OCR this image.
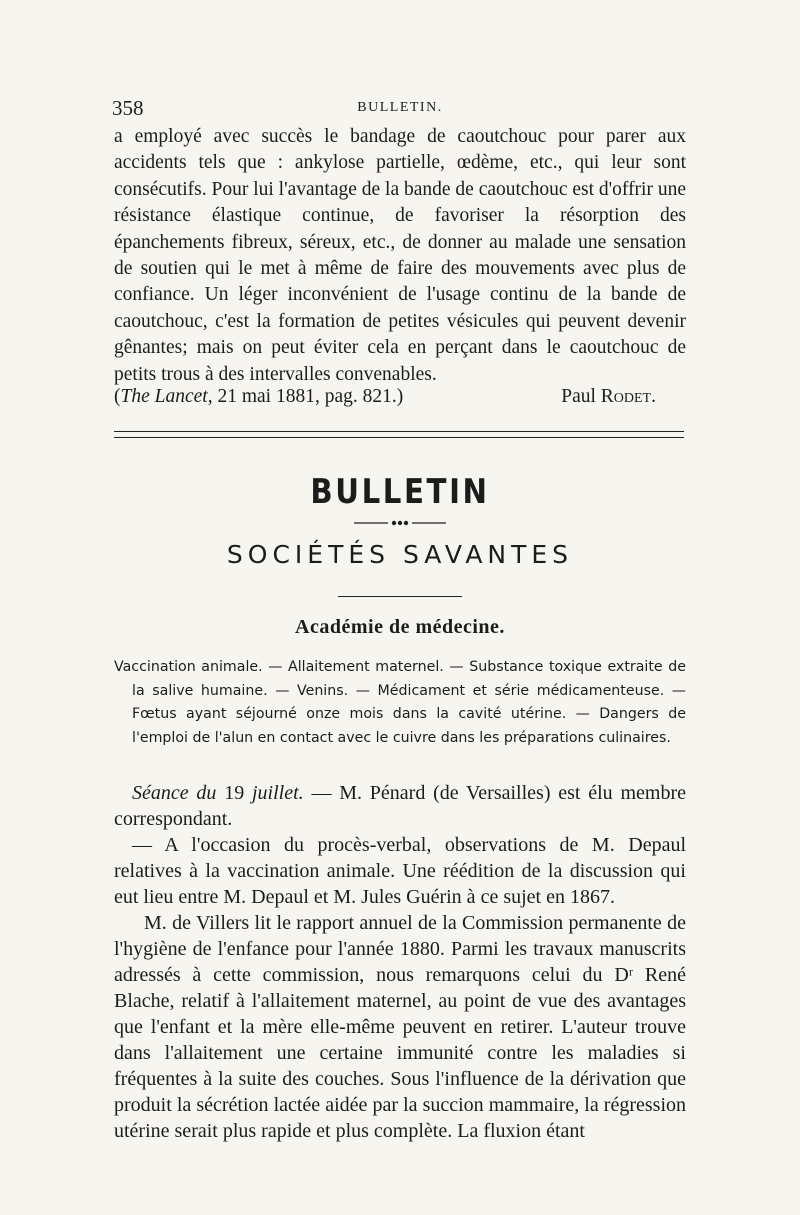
358	BULLETIN.

a employé avec succès le bandage de caoutchouc pour parer aux accidents tels que : ankylose partielle, œdème, etc., qui leur sont consécutifs. Pour lui l'avantage de la bande de caoutchouc est d'offrir une résistance élastique continue, de favoriser la résorption des épanchements fibreux, séreux, etc., de donner au malade une sensation de soutien qui le met à même de faire des mouvements avec plus de confiance. Un léger inconvénient de l'usage continu de la bande de caoutchouc, c'est la formation de petites vésicules qui peuvent devenir gênantes; mais on peut éviter cela en perçant dans le caoutchouc de petits trous à des intervalles convenables.

(The Lancet, 21 mai 1881, pag. 821.)	Paul Rodet.
BULLETIN
SOCIÉTÉS SAVANTES
Académie de médecine.
Vaccination animale. — Allaitement maternel. — Substance toxique extraite de la salive humaine. — Venins. — Médicament et série médicamenteuse. — Fœtus ayant séjourné onze mois dans la cavité utérine. — Dangers de l'emploi de l'alun en contact avec le cuivre dans les préparations culinaires.

Séance du 19 juillet. — M. Pénard (de Versailles) est élu membre correspondant.

— A l'occasion du procès-verbal, observations de M. Depaul relatives à la vaccination animale. Une réédition de la discussion qui eut lieu entre M. Depaul et M. Jules Guérin à ce sujet en 1867.

M. de Villers lit le rapport annuel de la Commission permanente de l'hygiène de l'enfance pour l'année 1880. Parmi les travaux manuscrits adressés à cette commission, nous remarquons celui du Dʳ René Blache, relatif à l'allaitement maternel, au point de vue des avantages que l'enfant et la mère elle-même peuvent en retirer. L'auteur trouve dans l'allaitement une certaine immunité contre les maladies si fréquentes à la suite des couches. Sous l'influence de la dérivation que produit la sécrétion lactée aidée par la succion mammaire, la régression utérine serait plus rapide et plus complète. La fluxion étant
